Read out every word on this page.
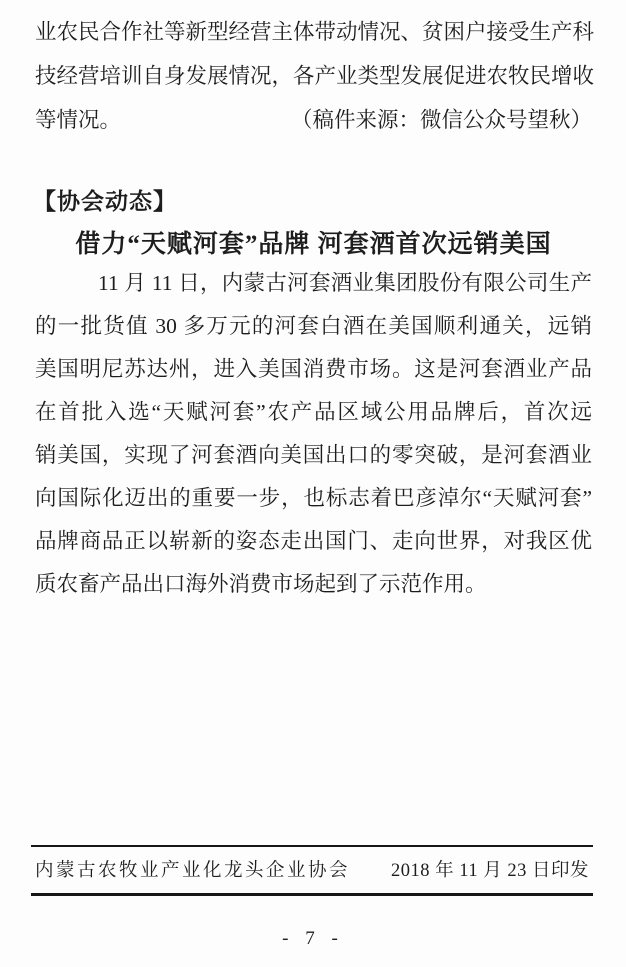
业农民合作社等新型经营主体带动情况、贫困户接受生产科
技经营培训自身发展情况，各产业类型发展促进农牧民增收
等情况。	（稿件来源：微信公众号望秋）
【协会动态】
借力“天赋河套”品牌 河套酒首次远销美国
11 月 11 日，内蒙古河套酒业集团股份有限公司生产
的一批货值 30 多万元的河套白酒在美国顺利通关，远销
美国明尼苏达州，进入美国消费市场。这是河套酒业产品
在首批入选“天赋河套”农产品区域公用品牌后，首次远
销美国，实现了河套酒向美国出口的零突破，是河套酒业
向国际化迈出的重要一步，也标志着巴彦淖尔“天赋河套”
品牌商品正以崭新的姿态走出国门、走向世界，对我区优
质农畜产品出口海外消费市场起到了示范作用。
内蒙古农牧业产业化龙头企业协会 2018 年 11 月 23 日印发
- 7 -
